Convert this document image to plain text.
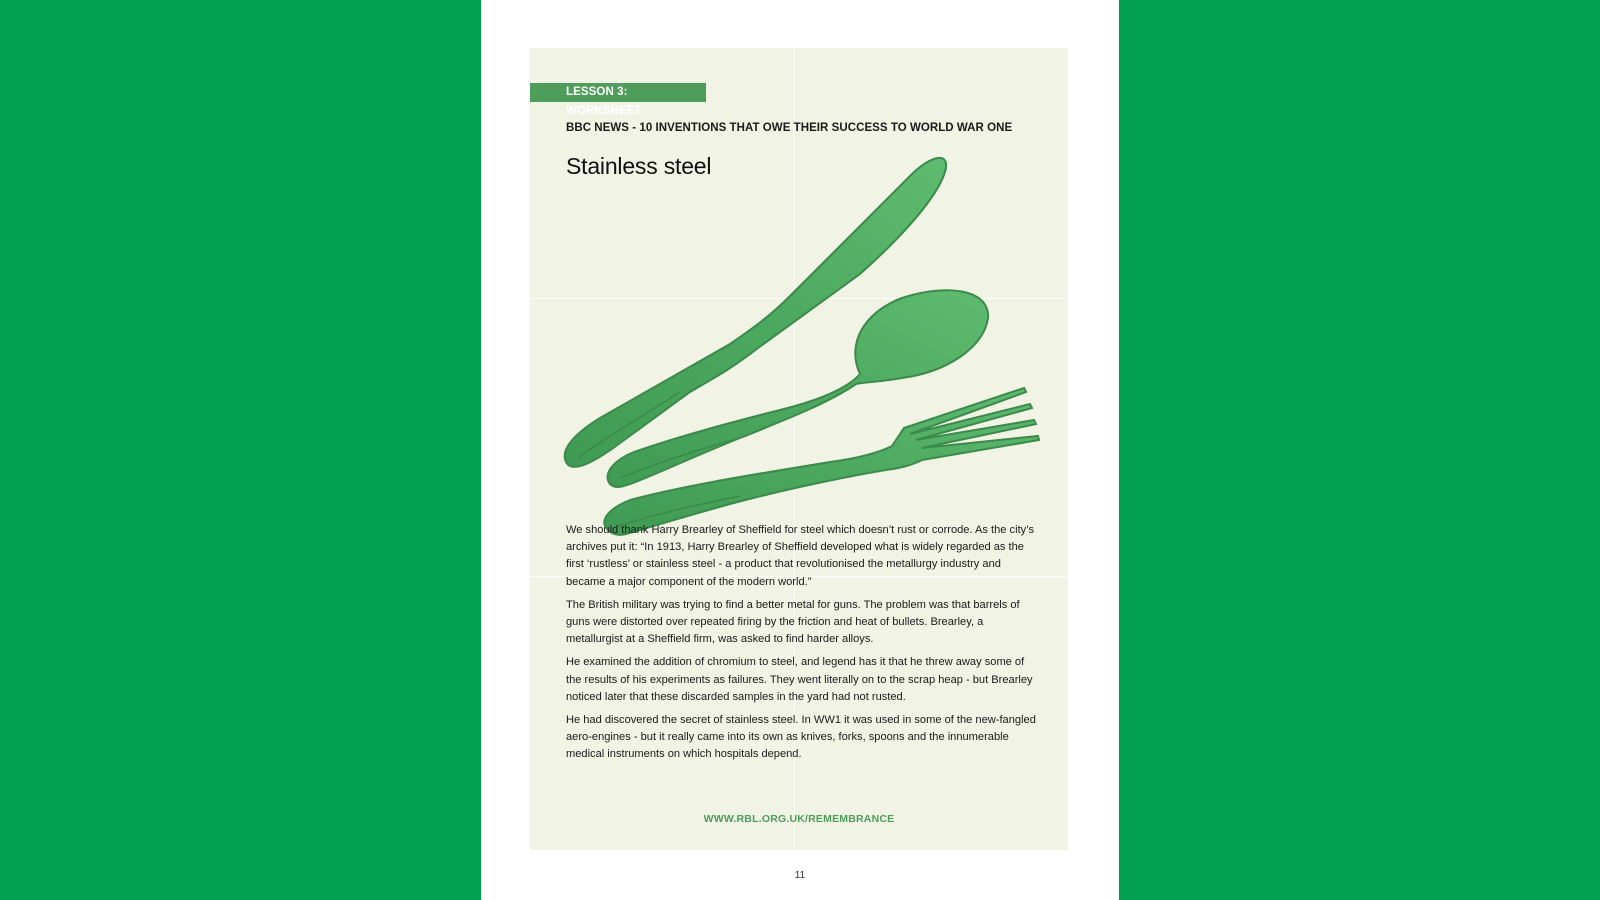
LESSON 3: WORKSHEET
BBC NEWS - 10 INVENTIONS THAT OWE THEIR SUCCESS TO WORLD WAR ONE
Stainless steel

We should thank Harry Brearley of Sheffield for steel which doesn’t rust or corrode. As the city’s archives put it: “In 1913, Harry Brearley of Sheffield developed what is widely regarded as the first ‘rustless’ or stainless steel - a product that revolutionised the metallurgy industry and became a major component of the modern world.”

The British military was trying to find a better metal for guns. The problem was that barrels of guns were distorted over repeated firing by the friction and heat of bullets. Brearley, a metallurgist at a Sheffield firm, was asked to find harder alloys.

He examined the addition of chromium to steel, and legend has it that he threw away some of the results of his experiments as failures. They went literally on to the scrap heap - but Brearley noticed later that these discarded samples in the yard had not rusted.

He had discovered the secret of stainless steel. In WW1 it was used in some of the new-fangled aero-engines - but it really came into its own as knives, forks, spoons and the innumerable medical instruments on which hospitals depend.

WWW.RBL.ORG.UK/REMEMBRANCE
11
